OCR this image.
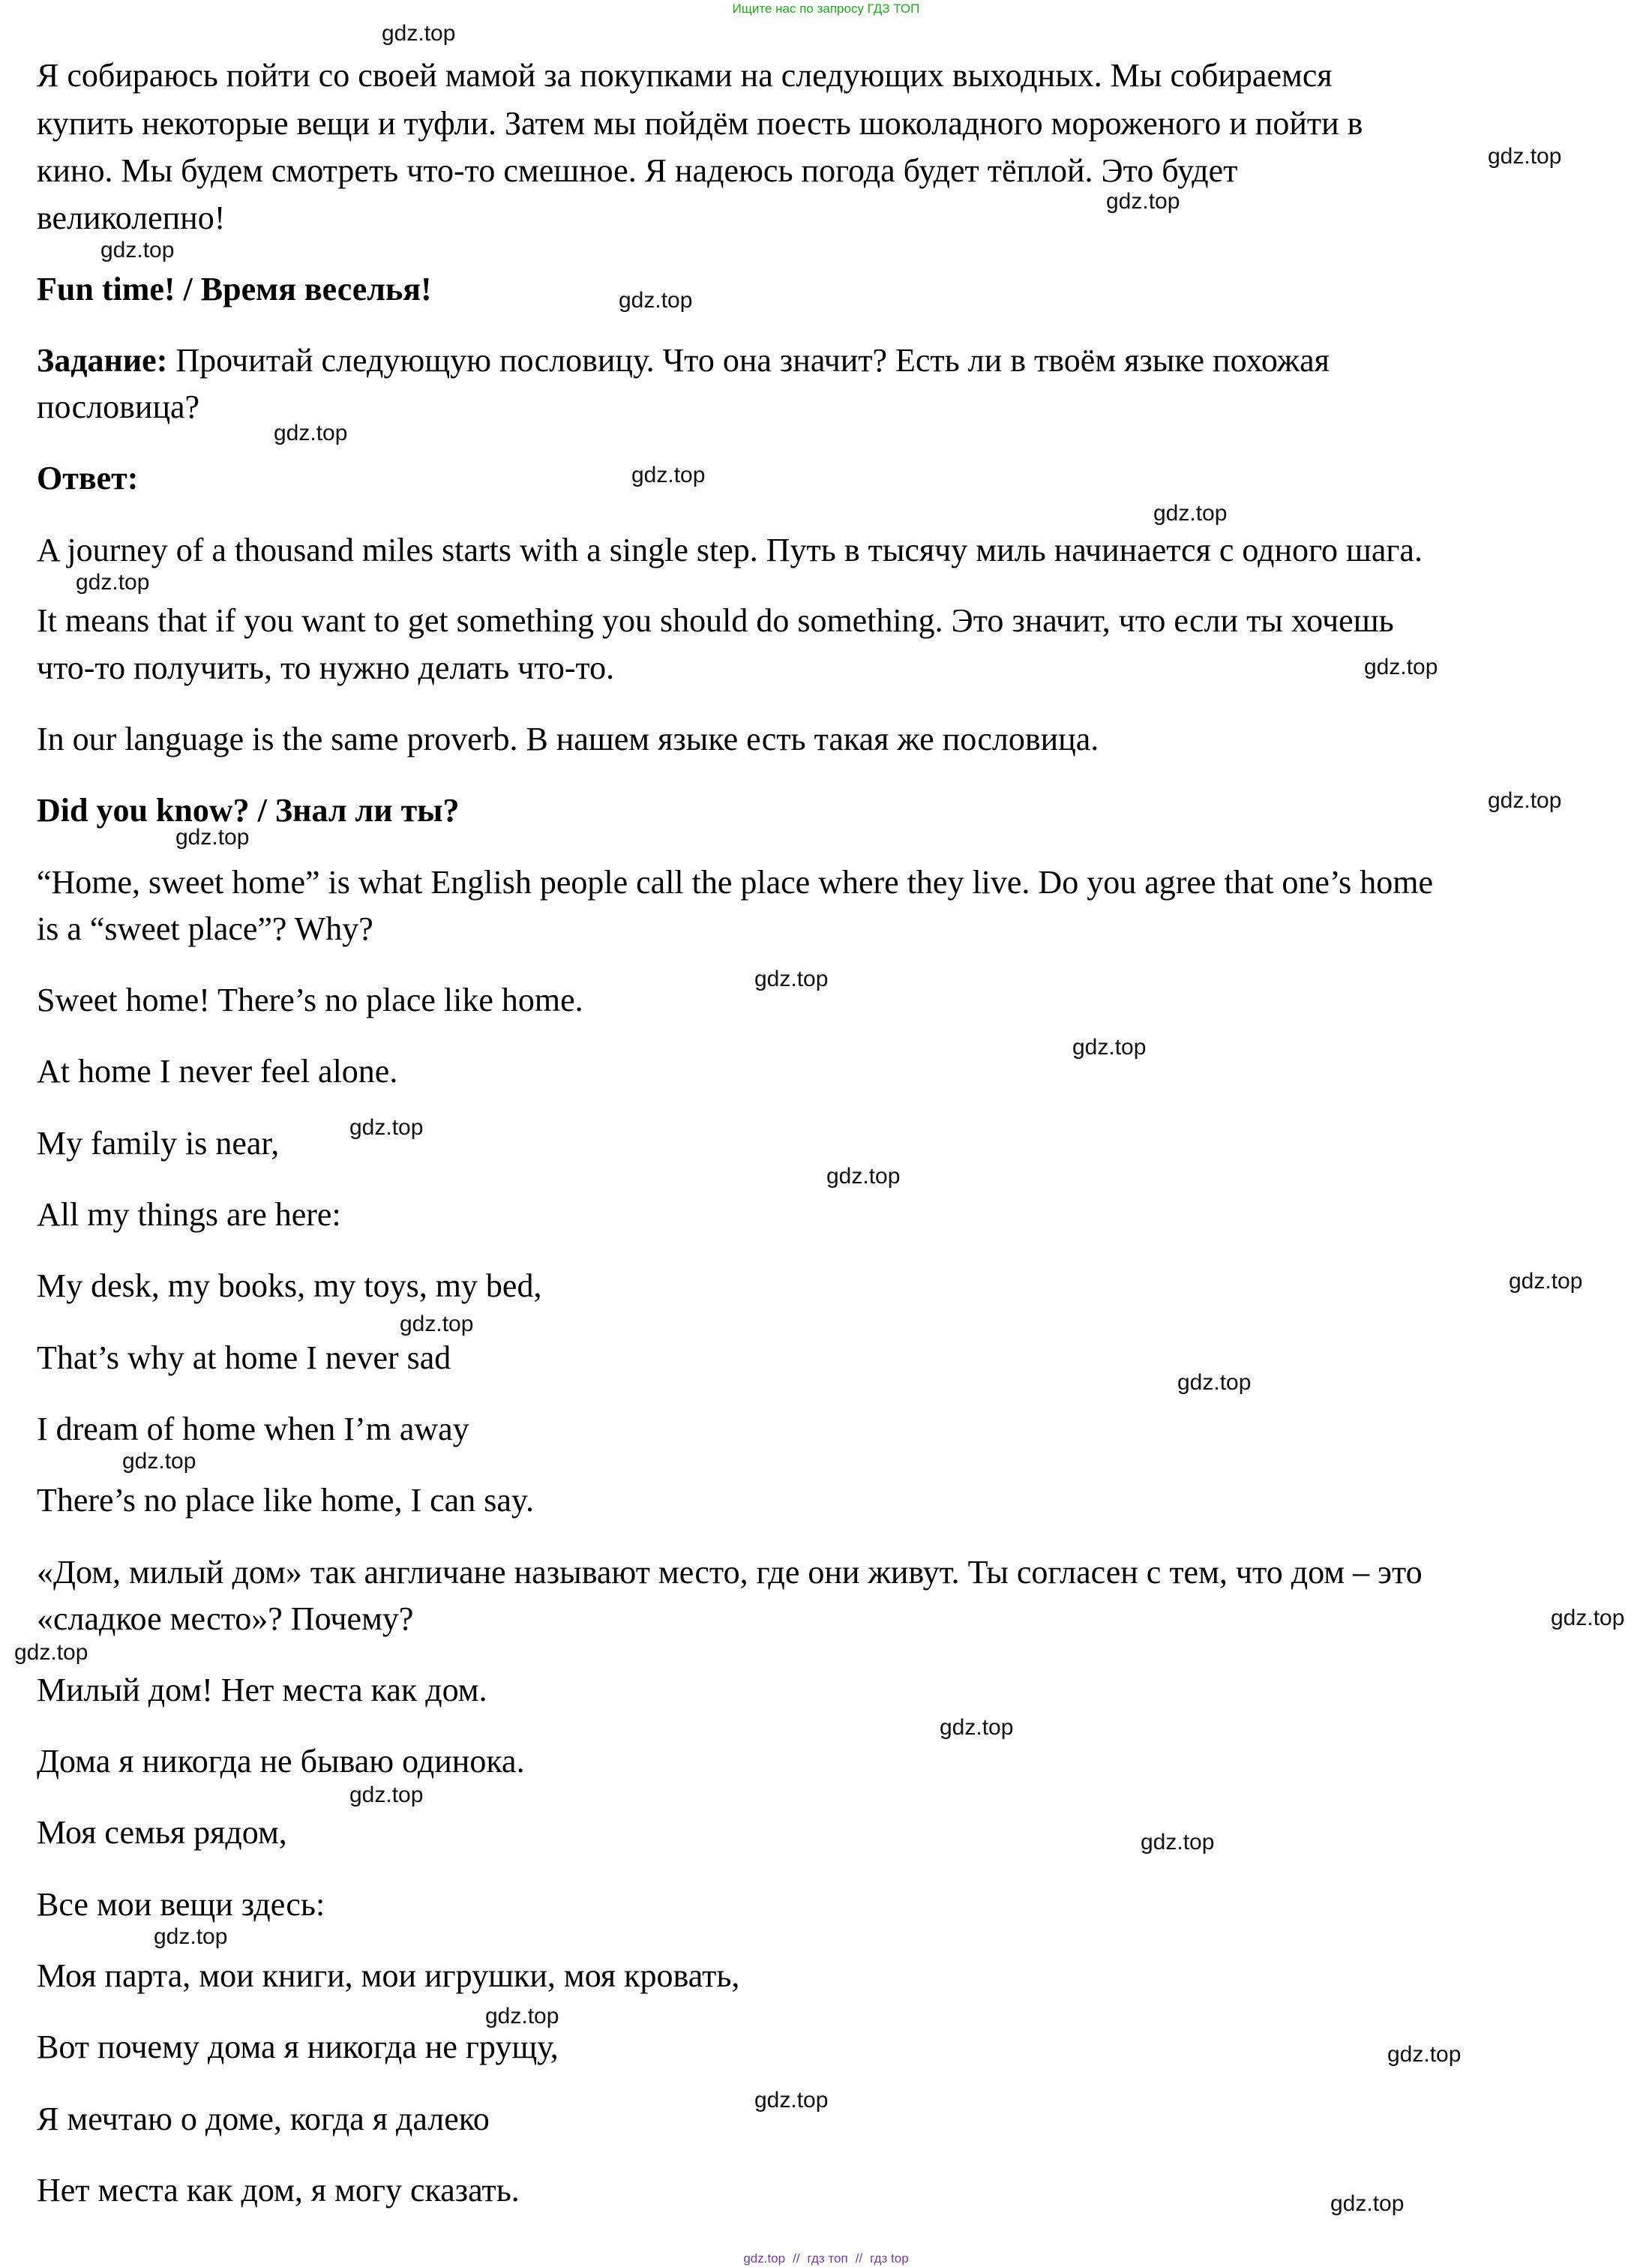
Ищите нас по запросу ГДЗ ТОП
Я собираюсь пойти со своей мамой за покупками на следующих выходных. Мы собираемся
купить некоторые вещи и туфли. Затем мы пойдём поесть шоколадного мороженого и пойти в
кино. Мы будем смотреть что-то смешное. Я надеюсь погода будет тёплой. Это будет
великолепно!
Fun time! / Время веселья!
Задание: Прочитай следующую пословицу. Что она значит? Есть ли в твоём языке похожая
пословица?
Ответ:
A journey of a thousand miles starts with a single step. Путь в тысячу миль начинается с одного шага.
It means that if you want to get something you should do something. Это значит, что если ты хочешь
что-то получить, то нужно делать что-то.
In our language is the same proverb. В нашем языке есть такая же пословица.
Did you know? / Знал ли ты?
“Home, sweet home” is what English people call the place where they live. Do you agree that one’s home
is a “sweet place”? Why?
Sweet home! There’s no place like home.
At home I never feel alone.
My family is near,
All my things are here:
My desk, my books, my toys, my bed,
That’s why at home I never sad
I dream of home when I’m away
There’s no place like home, I can say.
«Дом, милый дом» так англичане называют место, где они живут. Ты согласен с тем, что дом – это
«сладкое место»? Почему?
Милый дом! Нет места как дом.
Дома я никогда не бываю одинока.
Моя семья рядом,
Все мои вещи здесь:
Моя парта, мои книги, мои игрушки, моя кровать,
Вот почему дома я никогда не грущу,
Я мечтаю о доме, когда я далеко
Нет места как дом, я могу сказать.
gdz.top
gdz.top
gdz.top
gdz.top
gdz.top
gdz.top
gdz.top
gdz.top
gdz.top
gdz.top
gdz.top
gdz.top
gdz.top
gdz.top
gdz.top
gdz.top
gdz.top
gdz.top
gdz.top
gdz.top
gdz.top
gdz.top
gdz.top
gdz.top
gdz.top
gdz.top
gdz.top
gdz.top
gdz.top
gdz.top
gdz.top // гдз топ // гдз top
